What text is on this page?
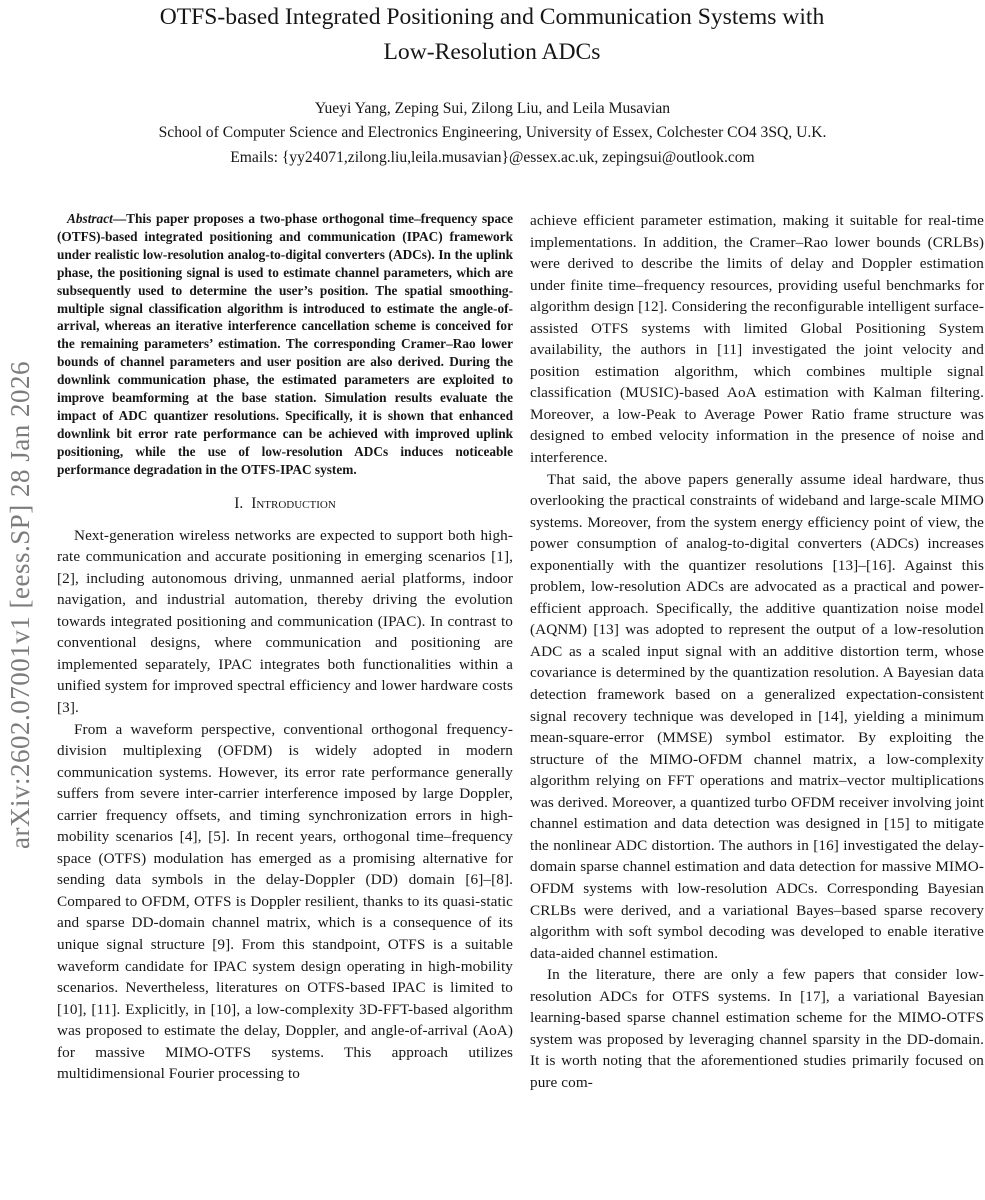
arXiv:2602.07001v1 [eess.SP] 28 Jan 2026
OTFS-based Integrated Positioning and Communication Systems with
Low-Resolution ADCs
Yueyi Yang, Zeping Sui, Zilong Liu, and Leila Musavian
School of Computer Science and Electronics Engineering, University of Essex, Colchester CO4 3SQ, U.K.
Emails: {yy24071,zilong.liu,leila.musavian}@essex.ac.uk, zepingsui@outlook.com

Abstract—This paper proposes a two-phase orthogonal time–frequency space (OTFS)-based integrated positioning and communication (IPAC) framework under realistic low-resolution analog-to-digital converters (ADCs). In the uplink phase, the positioning signal is used to estimate channel parameters, which are subsequently used to determine the user’s position. The spatial smoothing-multiple signal classification algorithm is introduced to estimate the angle-of-arrival, whereas an iterative interference cancellation scheme is conceived for the remaining parameters’ estimation. The corresponding Cramer–Rao lower bounds of channel parameters and user position are also derived. During the downlink communication phase, the estimated parameters are exploited to improve beamforming at the base station. Simulation results evaluate the impact of ADC quantizer resolutions. Specifically, it is shown that enhanced downlink bit error rate performance can be achieved with improved uplink positioning, while the use of low-resolution ADCs induces noticeable performance degradation in the OTFS-IPAC system.

I. Introduction

Next-generation wireless networks are expected to support both high-rate communication and accurate positioning in emerging scenarios [1], [2], including autonomous driving, unmanned aerial platforms, indoor navigation, and industrial automation, thereby driving the evolution towards integrated positioning and communication (IPAC). In contrast to conventional designs, where communication and positioning are implemented separately, IPAC integrates both functionalities within a unified system for improved spectral efficiency and lower hardware costs [3].

From a waveform perspective, conventional orthogonal frequency-division multiplexing (OFDM) is widely adopted in modern communication systems. However, its error rate performance generally suffers from severe inter-carrier interference imposed by large Doppler, carrier frequency offsets, and timing synchronization errors in high-mobility scenarios [4], [5]. In recent years, orthogonal time–frequency space (OTFS) modulation has emerged as a promising alternative for sending data symbols in the delay-Doppler (DD) domain [6]–[8]. Compared to OFDM, OTFS is Doppler resilient, thanks to its quasi-static and sparse DD-domain channel matrix, which is a consequence of its unique signal structure [9]. From this standpoint, OTFS is a suitable waveform candidate for IPAC system design operating in high-mobility scenarios. Nevertheless, literatures on OTFS-based IPAC is limited to [10], [11]. Explicitly, in [10], a low-complexity 3D-FFT-based algorithm was proposed to estimate the delay, Doppler, and angle-of-arrival (AoA) for massive MIMO-OTFS systems. This approach utilizes multidimensional Fourier processing to

achieve efficient parameter estimation, making it suitable for real-time implementations. In addition, the Cramer–Rao lower bounds (CRLBs) were derived to describe the limits of delay and Doppler estimation under finite time–frequency resources, providing useful benchmarks for algorithm design [12]. Considering the reconfigurable intelligent surface-assisted OTFS systems with limited Global Positioning System availability, the authors in [11] investigated the joint velocity and position estimation algorithm, which combines multiple signal classification (MUSIC)-based AoA estimation with Kalman filtering. Moreover, a low-Peak to Average Power Ratio frame structure was designed to embed velocity information in the presence of noise and interference.

That said, the above papers generally assume ideal hardware, thus overlooking the practical constraints of wideband and large-scale MIMO systems. Moreover, from the system energy efficiency point of view, the power consumption of analog-to-digital converters (ADCs) increases exponentially with the quantizer resolutions [13]–[16]. Against this problem, low-resolution ADCs are advocated as a practical and power-efficient approach. Specifically, the additive quantization noise model (AQNM) [13] was adopted to represent the output of a low-resolution ADC as a scaled input signal with an additive distortion term, whose covariance is determined by the quantization resolution. A Bayesian data detection framework based on a generalized expectation-consistent signal recovery technique was developed in [14], yielding a minimum mean-square-error (MMSE) symbol estimator. By exploiting the structure of the MIMO-OFDM channel matrix, a low-complexity algorithm relying on FFT operations and matrix–vector multiplications was derived. Moreover, a quantized turbo OFDM receiver involving joint channel estimation and data detection was designed in [15] to mitigate the nonlinear ADC distortion. The authors in [16] investigated the delay-domain sparse channel estimation and data detection for massive MIMO-OFDM systems with low-resolution ADCs. Corresponding Bayesian CRLBs were derived, and a variational Bayes–based sparse recovery algorithm with soft symbol decoding was developed to enable iterative data-aided channel estimation.

In the literature, there are only a few papers that consider low-resolution ADCs for OTFS systems. In [17], a variational Bayesian learning-based sparse channel estimation scheme for the MIMO-OTFS system was proposed by leveraging channel sparsity in the DD-domain. It is worth noting that the aforementioned studies primarily focused on pure com-
